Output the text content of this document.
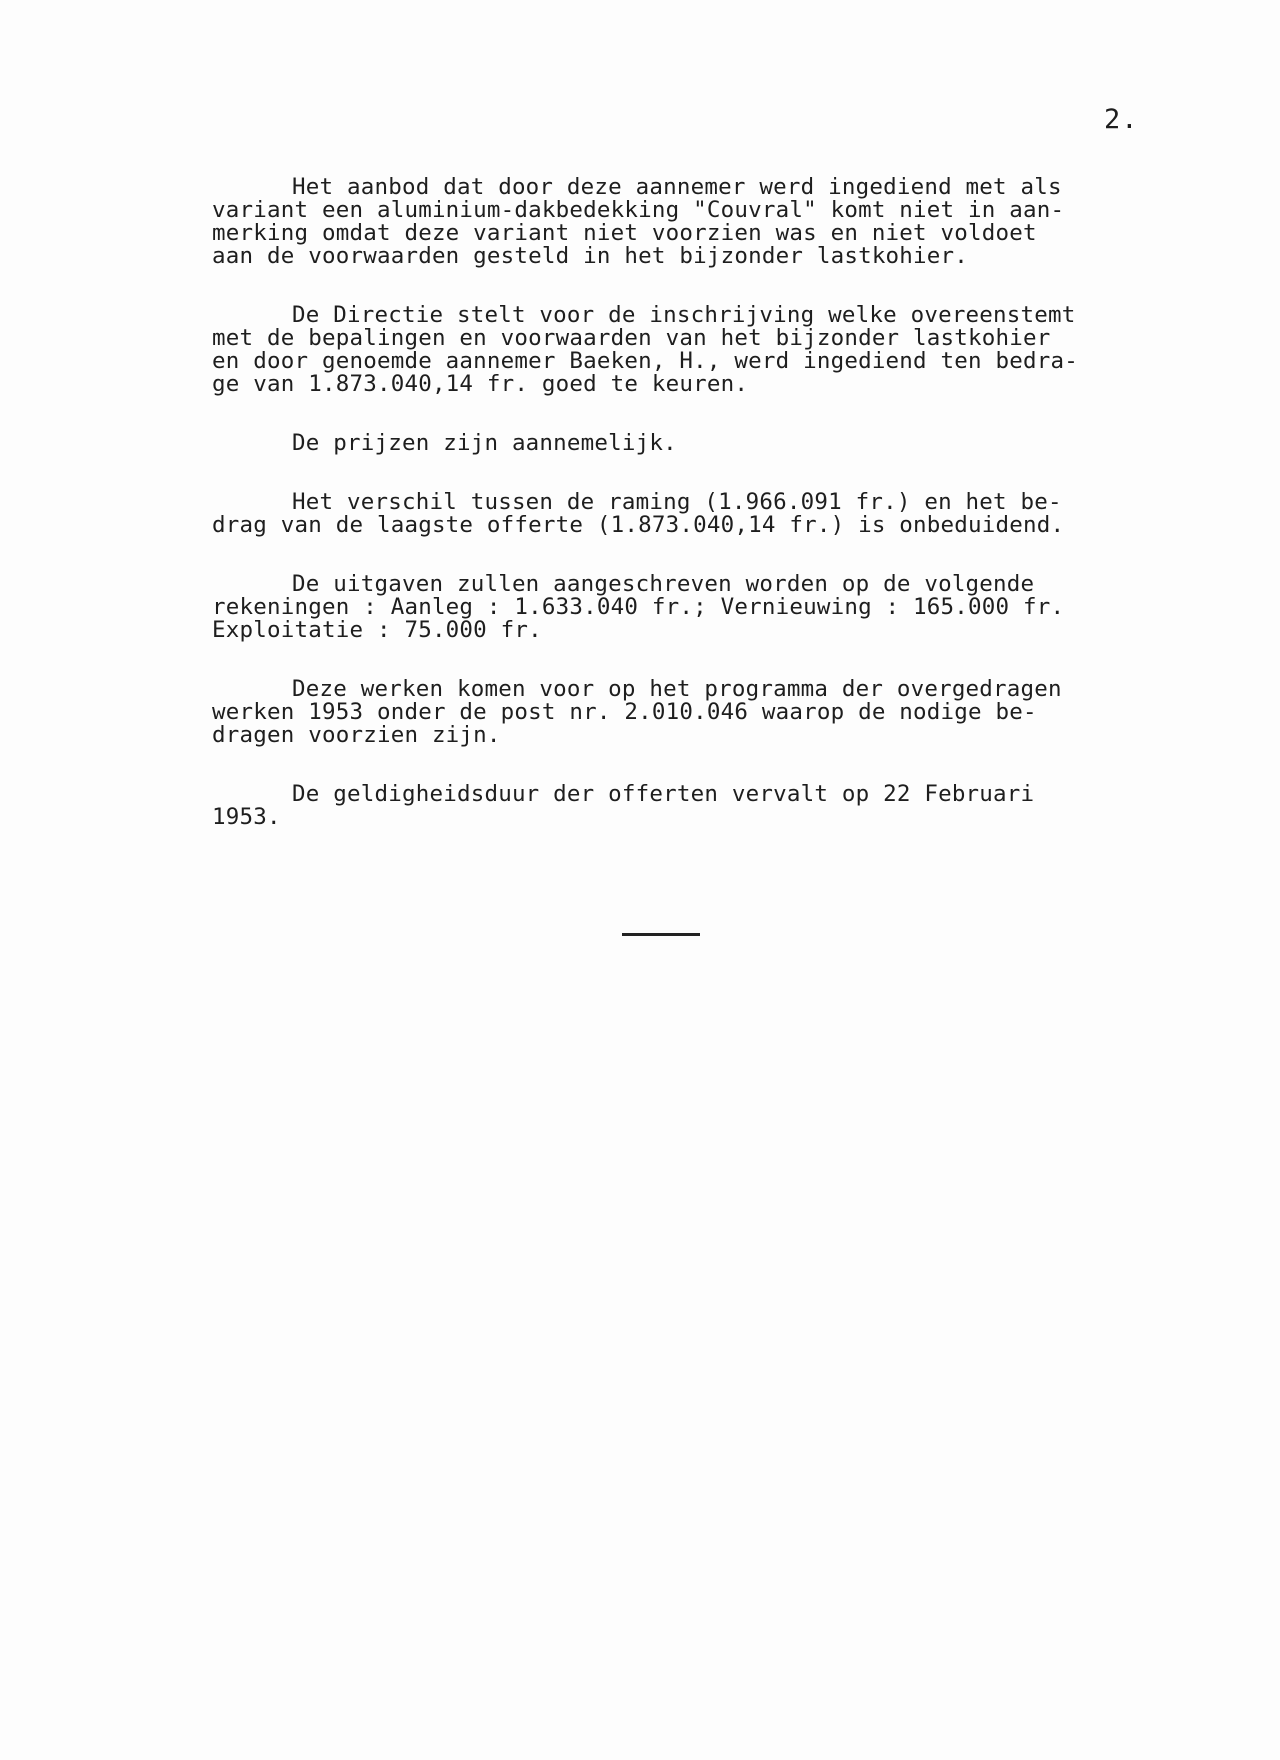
2.

Het aanbod dat door deze aannemer werd ingediend met als
variant een aluminium-dakbedekking "Couvral" komt niet in aan-
merking omdat deze variant niet voorzien was en niet voldoet
aan de voorwaarden gesteld in het bijzonder lastkohier.

De Directie stelt voor de inschrijving welke overeenstemt
met de bepalingen en voorwaarden van het bijzonder lastkohier
en door genoemde aannemer Baeken, H., werd ingediend ten bedra-
ge van 1.873.040,14 fr. goed te keuren.

De prijzen zijn aannemelijk.

Het verschil tussen de raming (1.966.091 fr.) en het be-
drag van de laagste offerte (1.873.040,14 fr.) is onbeduidend.

De uitgaven zullen aangeschreven worden op de volgende
rekeningen : Aanleg : 1.633.040 fr.; Vernieuwing : 165.000 fr.
Exploitatie : 75.000 fr.

Deze werken komen voor op het programma der overgedragen
werken 1953 onder de post nr. 2.010.046 waarop de nodige be-
dragen voorzien zijn.

De geldigheidsduur der offerten vervalt op 22 Februari
1953.
